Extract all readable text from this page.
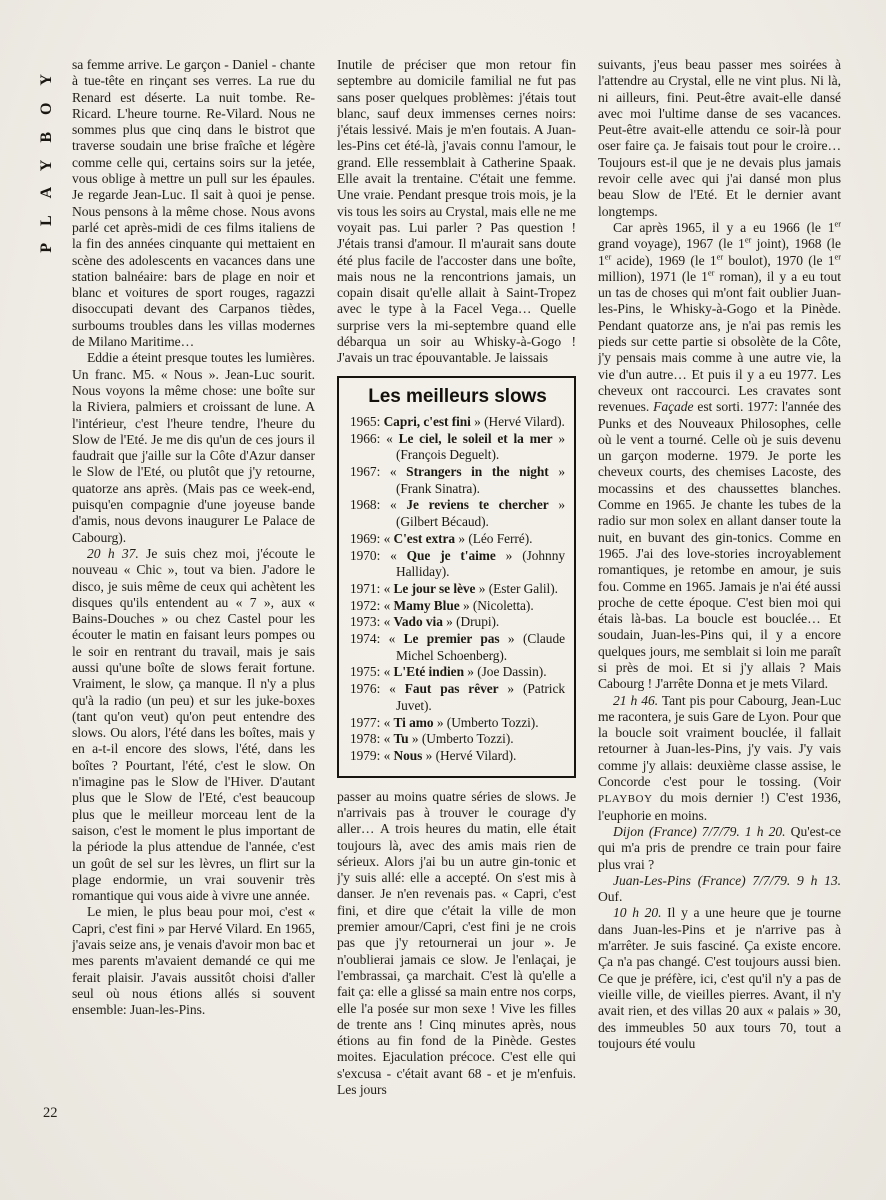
PLAYBOY sa femme arrive. Le garçon - Daniel - chante à tue-tête en rinçant ses verres. La rue du Renard est déserte. La nuit tombe. Re-Ricard. L'heure tourne. Re-Vilard. Nous ne sommes plus que cinq dans le bistrot que traverse soudain une brise fraîche et légère comme celle qui, certains soirs sur la jetée, vous oblige à mettre un pull sur les épaules. Je regarde Jean-Luc. Il sait à quoi je pense. Nous pensons à la même chose. Nous avons parlé cet après-midi de ces films italiens de la fin des années cinquante qui mettaient en scène des adolescents en vacances dans une station balnéaire: bars de plage en noir et blanc et voitures de sport rouges, ragazzi disoccupati devant des Carpanos tièdes, surboums troubles dans les villas modernes de Milano Maritime…

Eddie a éteint presque toutes les lumières. Un franc. M5. « Nous ». Jean-Luc sourit. Nous voyons la même chose: une boîte sur la Riviera, palmiers et croissant de lune. A l'intérieur, c'est l'heure tendre, l'heure du Slow de l'Eté. Je me dis qu'un de ces jours il faudrait que j'aille sur la Côte d'Azur danser le Slow de l'Eté, ou plutôt que j'y retourne, quatorze ans après. (Mais pas ce week-end, puisqu'en compagnie d'une joyeuse bande d'amis, nous devons inaugurer Le Palace de Cabourg).

20 h 37. Je suis chez moi, j'écoute le nouveau « Chic », tout va bien. J'adore le disco, je suis même de ceux qui achètent les disques qu'ils entendent au « 7 », aux « Bains-Douches » ou chez Castel pour les écouter le matin en faisant leurs pompes ou le soir en rentrant du travail, mais je sais aussi qu'une boîte de slows ferait fortune. Vraiment, le slow, ça manque. Il n'y a plus qu'à la radio (un peu) et sur les juke-boxes (tant qu'on veut) qu'on peut entendre des slows. Ou alors, l'été dans les boîtes, mais y en a-t-il encore des slows, l'été, dans les boîtes ? Pourtant, l'été, c'est le slow. On n'imagine pas le Slow de l'Hiver. D'autant plus que le Slow de l'Eté, c'est beaucoup plus que le meilleur morceau lent de la saison, c'est le moment le plus important de la période la plus attendue de l'année, c'est un goût de sel sur les lèvres, un flirt sur la plage endormie, un vrai souvenir très romantique qui vous aide à vivre une année.

Le mien, le plus beau pour moi, c'est « Capri, c'est fini » par Hervé Vilard. En 1965, j'avais seize ans, je venais d'avoir mon bac et mes parents m'avaient demandé ce qui me ferait plaisir. J'avais aussitôt choisi d'aller seul où nous étions allés si souvent ensemble: Juan-les-Pins.

Inutile de préciser que mon retour fin septembre au domicile familial ne fut pas sans poser quelques problèmes: j'étais tout blanc, sauf deux immenses cernes noirs: j'étais lessivé. Mais je m'en foutais. A Juan-les-Pins cet été-là, j'avais connu l'amour, le grand. Elle ressemblait à Catherine Spaak. Elle avait la trentaine. C'était une femme. Une vraie. Pendant presque trois mois, je la vis tous les soirs au Crystal, mais elle ne me voyait pas. Lui parler ? Pas question ! J'étais transi d'amour. Il m'aurait sans doute été plus facile de l'accoster dans une boîte, mais nous ne la rencontrions jamais, un copain disait qu'elle allait à Saint-Tropez avec le type à la Facel Vega… Quelle surprise vers la mi-septembre quand elle débarqua un soir au Whisky-à-Gogo ! J'avais un trac épouvantable. Je laissais

Les meilleurs slows
1965: Capri, c'est fini » (Hervé Vilard).
1966: « Le ciel, le soleil et la mer » (François Deguelt).
1967: « Strangers in the night » (Frank Sinatra).
1968: « Je reviens te chercher » (Gilbert Bécaud).
1969: « C'est extra » (Léo Ferré).
1970: « Que je t'aime » (Johnny Halliday).
1971: « Le jour se lève » (Ester Galil).
1972: « Mamy Blue » (Nicoletta).
1973: « Vado via » (Drupi).
1974: « Le premier pas » (Claude Michel Schoenberg).
1975: « L'Eté indien » (Joe Dassin).
1976: « Faut pas rêver » (Patrick Juvet).
1977: « Ti amo » (Umberto Tozzi).
1978: « Tu » (Umberto Tozzi).
1979: « Nous » (Hervé Vilard).

passer au moins quatre séries de slows. Je n'arrivais pas à trouver le courage d'y aller… A trois heures du matin, elle était toujours là, avec des amis mais rien de sérieux. Alors j'ai bu un autre gin-tonic et j'y suis allé: elle a accepté. On s'est mis à danser. Je n'en revenais pas. « Capri, c'est fini, et dire que c'était la ville de mon premier amour/Capri, c'est fini je ne crois pas que j'y retournerai un jour ». Je n'oublierai jamais ce slow. Je l'enlaçai, je l'embrassai, ça marchait. C'est là qu'elle a fait ça: elle a glissé sa main entre nos corps, elle l'a posée sur mon sexe ! Vive les filles de trente ans ! Cinq minutes après, nous étions au fin fond de la Pinède. Gestes moites. Ejaculation précoce. C'est elle qui s'excusa - c'était avant 68 - et je m'enfuis. Les jours

suivants, j'eus beau passer mes soirées à l'attendre au Crystal, elle ne vint plus. Ni là, ni ailleurs, fini. Peut-être avait-elle dansé avec moi l'ultime danse de ses vacances. Peut-être avait-elle attendu ce soir-là pour oser faire ça. Je faisais tout pour le croire… Toujours est-il que je ne devais plus jamais revoir celle avec qui j'ai dansé mon plus beau Slow de l'Eté. Et le dernier avant longtemps.

Car après 1965, il y a eu 1966 (le 1er grand voyage), 1967 (le 1er joint), 1968 (le 1er acide), 1969 (le 1er boulot), 1970 (le 1er million), 1971 (le 1er roman), il y a eu tout un tas de choses qui m'ont fait oublier Juan-les-Pins, le Whisky-à-Gogo et la Pinède. Pendant quatorze ans, je n'ai pas remis les pieds sur cette partie si obsolète de la Côte, j'y pensais mais comme à une autre vie, la vie d'un autre… Et puis il y a eu 1977. Les cheveux ont raccourci. Les cravates sont revenues. Façade est sorti. 1977: l'année des Punks et des Nouveaux Philosophes, celle où le vent a tourné. Celle où je suis devenu un garçon moderne. 1979. Je porte les cheveux courts, des chemises Lacoste, des mocassins et des chaussettes blanches. Comme en 1965. Je chante les tubes de la radio sur mon solex en allant danser toute la nuit, en buvant des gin-tonics. Comme en 1965. J'ai des love-stories incroyablement romantiques, je retombe en amour, je suis fou. Comme en 1965. Jamais je n'ai été aussi proche de cette époque. C'est bien moi qui étais là-bas. La boucle est bouclée… Et soudain, Juan-les-Pins qui, il y a encore quelques jours, me semblait si loin me paraît si près de moi. Et si j'y allais ? Mais Cabourg ! J'arrête Donna et je mets Vilard.

21 h 46. Tant pis pour Cabourg, Jean-Luc me racontera, je suis Gare de Lyon. Pour que la boucle soit vraiment bouclée, il fallait retourner à Juan-les-Pins, j'y vais. J'y vais comme j'y allais: deuxième classe assise, le Concorde c'est pour le tossing. (Voir PLAYBOY du mois dernier !) C'est 1936, l'euphorie en moins.

Dijon (France) 7/7/79. 1 h 20. Qu'est-ce qui m'a pris de prendre ce train pour faire plus vrai ?

Juan-Les-Pins (France) 7/7/79. 9 h 13. Ouf.

10 h 20. Il y a une heure que je tourne dans Juan-les-Pins et je n'arrive pas à m'arrêter. Je suis fasciné. Ça existe encore. Ça n'a pas changé. C'est toujours aussi bien. Ce que je préfère, ici, c'est qu'il n'y a pas de vieille ville, de vieilles pierres. Avant, il n'y avait rien, et des villas 20 aux « palais » 30, des immeubles 50 aux tours 70, tout a toujours été voulu

22
